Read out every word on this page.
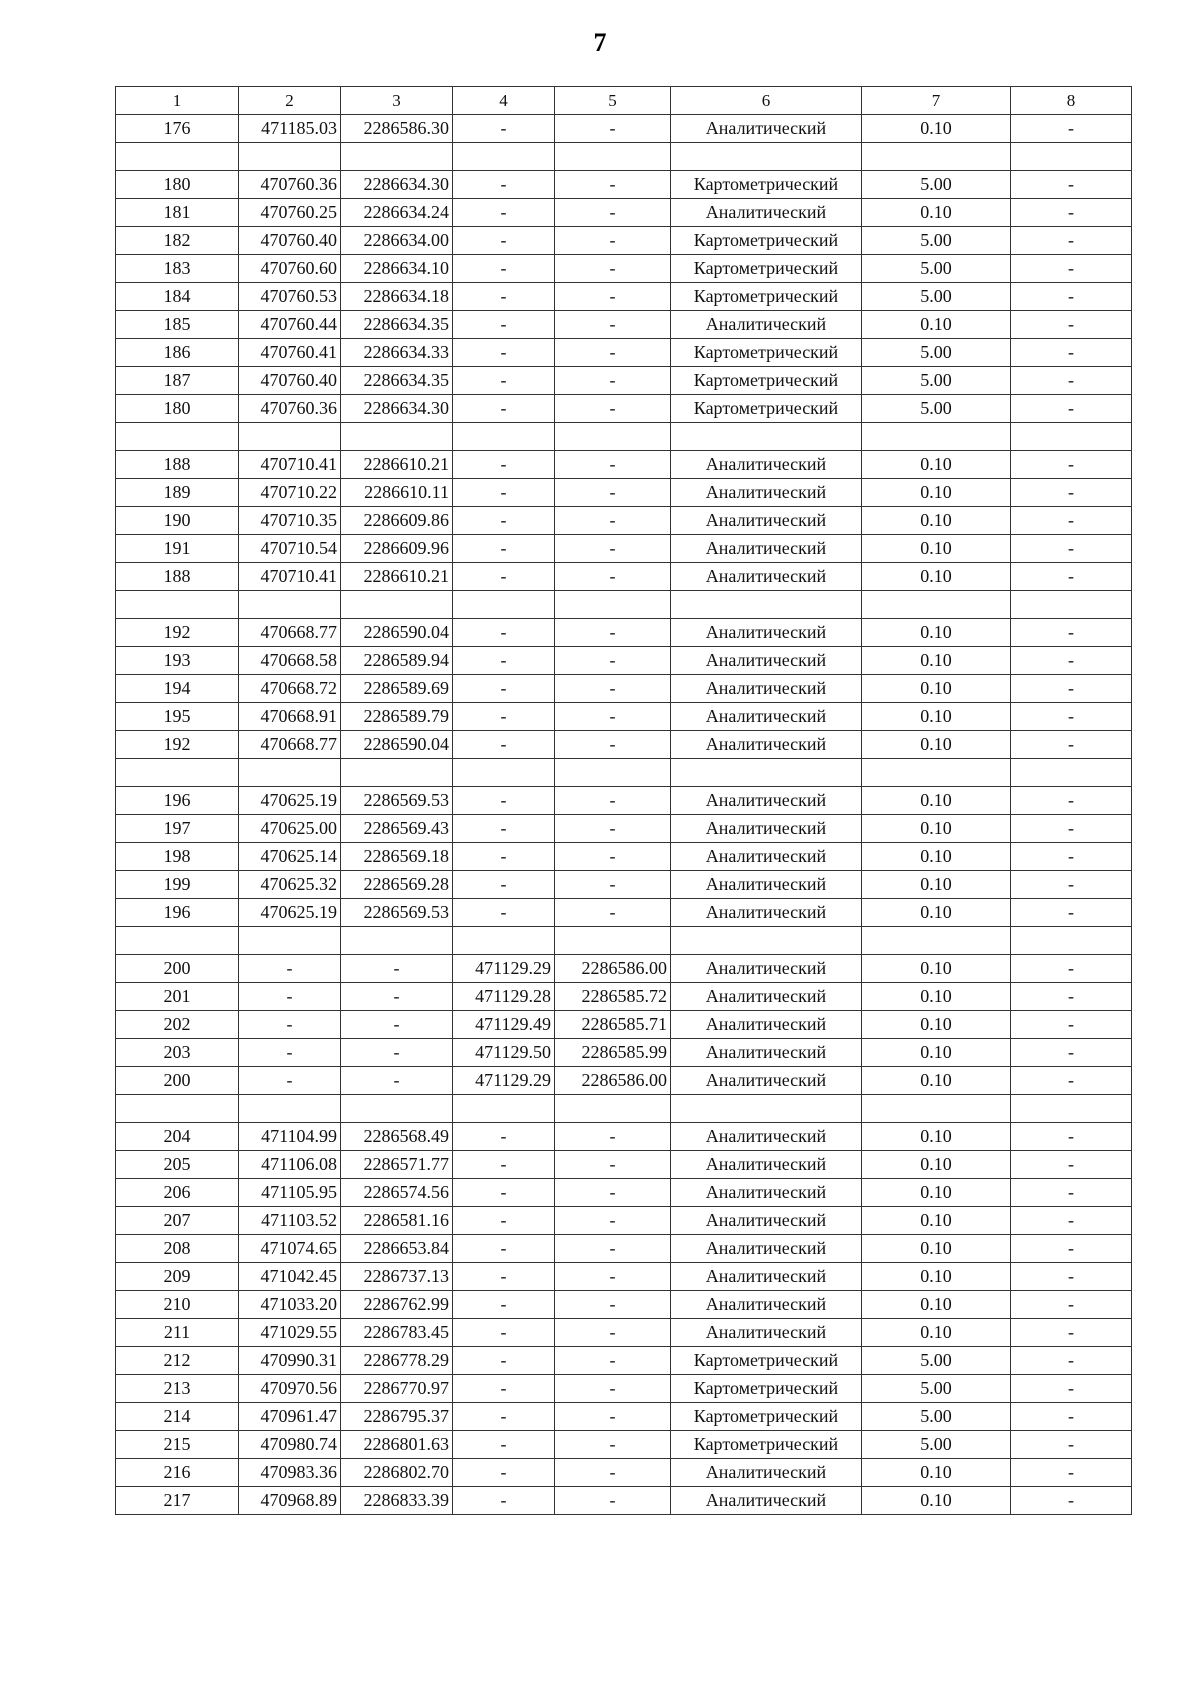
7
1	2	3	4	5	6	7	8
176	471185.03	2286586.30	-	-	Аналитический	0.10	-

180	470760.36	2286634.30	-	-	Картометрический	5.00	-
181	470760.25	2286634.24	-	-	Аналитический	0.10	-
182	470760.40	2286634.00	-	-	Картометрический	5.00	-
183	470760.60	2286634.10	-	-	Картометрический	5.00	-
184	470760.53	2286634.18	-	-	Картометрический	5.00	-
185	470760.44	2286634.35	-	-	Аналитический	0.10	-
186	470760.41	2286634.33	-	-	Картометрический	5.00	-
187	470760.40	2286634.35	-	-	Картометрический	5.00	-
180	470760.36	2286634.30	-	-	Картометрический	5.00	-

188	470710.41	2286610.21	-	-	Аналитический	0.10	-
189	470710.22	2286610.11	-	-	Аналитический	0.10	-
190	470710.35	2286609.86	-	-	Аналитический	0.10	-
191	470710.54	2286609.96	-	-	Аналитический	0.10	-
188	470710.41	2286610.21	-	-	Аналитический	0.10	-

192	470668.77	2286590.04	-	-	Аналитический	0.10	-
193	470668.58	2286589.94	-	-	Аналитический	0.10	-
194	470668.72	2286589.69	-	-	Аналитический	0.10	-
195	470668.91	2286589.79	-	-	Аналитический	0.10	-
192	470668.77	2286590.04	-	-	Аналитический	0.10	-

196	470625.19	2286569.53	-	-	Аналитический	0.10	-
197	470625.00	2286569.43	-	-	Аналитический	0.10	-
198	470625.14	2286569.18	-	-	Аналитический	0.10	-
199	470625.32	2286569.28	-	-	Аналитический	0.10	-
196	470625.19	2286569.53	-	-	Аналитический	0.10	-

200	-	-	471129.29	2286586.00	Аналитический	0.10	-
201	-	-	471129.28	2286585.72	Аналитический	0.10	-
202	-	-	471129.49	2286585.71	Аналитический	0.10	-
203	-	-	471129.50	2286585.99	Аналитический	0.10	-
200	-	-	471129.29	2286586.00	Аналитический	0.10	-

204	471104.99	2286568.49	-	-	Аналитический	0.10	-
205	471106.08	2286571.77	-	-	Аналитический	0.10	-
206	471105.95	2286574.56	-	-	Аналитический	0.10	-
207	471103.52	2286581.16	-	-	Аналитический	0.10	-
208	471074.65	2286653.84	-	-	Аналитический	0.10	-
209	471042.45	2286737.13	-	-	Аналитический	0.10	-
210	471033.20	2286762.99	-	-	Аналитический	0.10	-
211	471029.55	2286783.45	-	-	Аналитический	0.10	-
212	470990.31	2286778.29	-	-	Картометрический	5.00	-
213	470970.56	2286770.97	-	-	Картометрический	5.00	-
214	470961.47	2286795.37	-	-	Картометрический	5.00	-
215	470980.74	2286801.63	-	-	Картометрический	5.00	-
216	470983.36	2286802.70	-	-	Аналитический	0.10	-
217	470968.89	2286833.39	-	-	Аналитический	0.10	-
